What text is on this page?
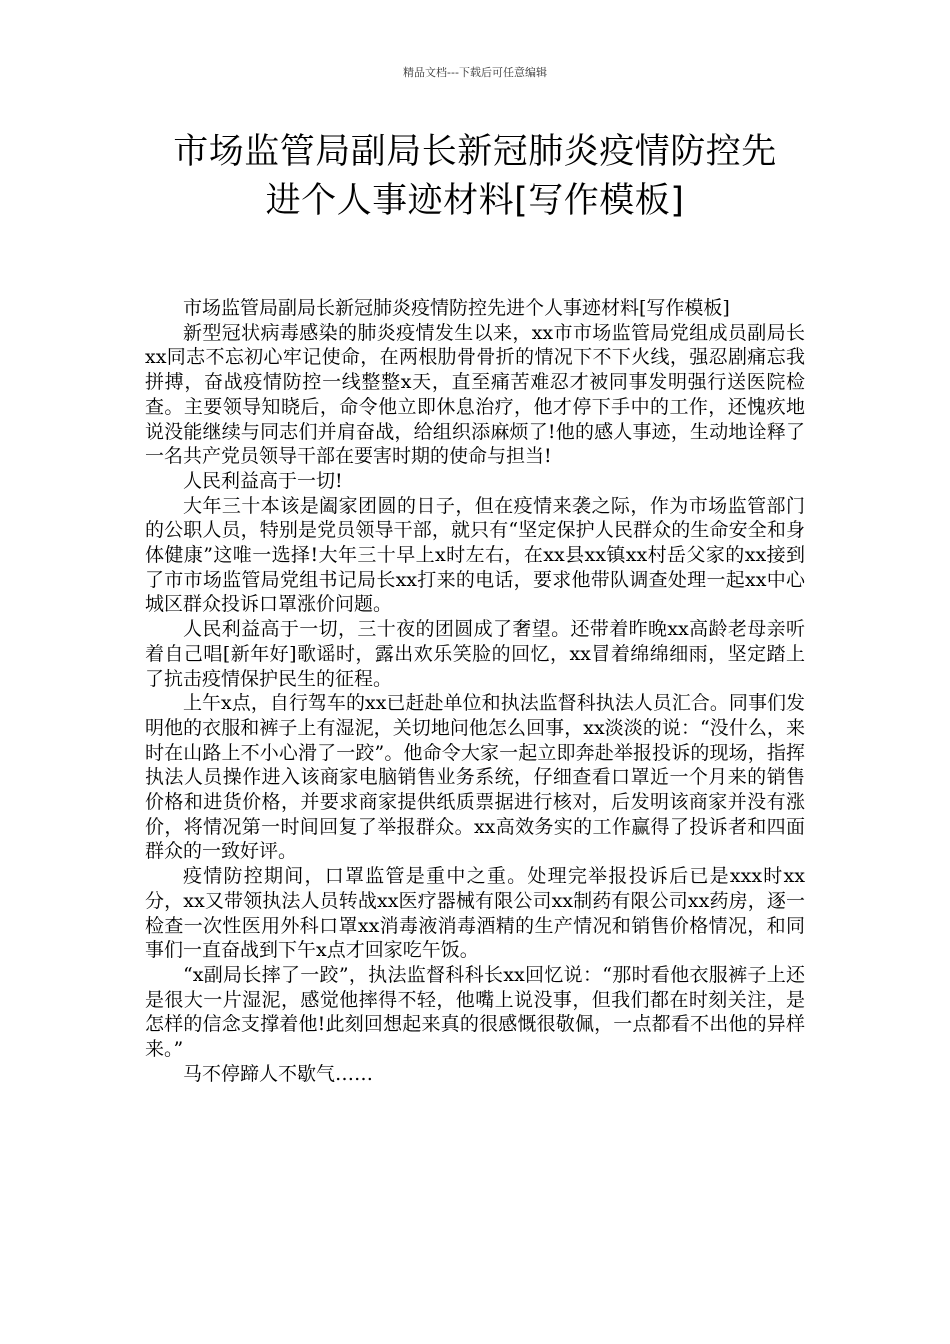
精品文档---下载后可任意编辑
市场监管局副局长新冠肺炎疫情防控先
进个人事迹材料[写作模板]

市场监管局副局长新冠肺炎疫情防控先进个人事迹材料[写作模板]

新型冠状病毒感染的肺炎疫情发生以来，xx市市场监管局党组成员副局长xx同志不忘初心牢记使命，在两根肋骨骨折的情况下不下火线，强忍剧痛忘我拼搏，奋战疫情防控一线整整x天，直至痛苦难忍才被同事发明强行送医院检查。主要领导知晓后，命令他立即休息治疗，他才停下手中的工作，还愧疚地说没能继续与同志们并肩奋战，给组织添麻烦了!他的感人事迹，生动地诠释了一名共产党员领导干部在要害时期的使命与担当!

人民利益高于一切!

大年三十本该是阖家团圆的日子，但在疫情来袭之际，作为市场监管部门的公职人员，特别是党员领导干部，就只有“坚定保护人民群众的生命安全和身体健康”这唯一选择!大年三十早上x时左右，在xx县xx镇xx村岳父家的xx接到了市市场监管局党组书记局长xx打来的电话，要求他带队调查处理一起xx中心城区群众投诉口罩涨价问题。

人民利益高于一切，三十夜的团圆成了奢望。还带着昨晚xx高龄老母亲听着自己唱[新年好]歌谣时，露出欢乐笑脸的回忆，xx冒着绵绵细雨，坚定踏上了抗击疫情保护民生的征程。

上午x点，自行驾车的xx已赶赴单位和执法监督科执法人员汇合。同事们发明他的衣服和裤子上有湿泥，关切地问他怎么回事，xx淡淡的说：“没什么，来时在山路上不小心滑了一跤”。他命令大家一起立即奔赴举报投诉的现场，指挥执法人员操作进入该商家电脑销售业务系统，仔细查看口罩近一个月来的销售价格和进货价格，并要求商家提供纸质票据进行核对，后发明该商家并没有涨价，将情况第一时间回复了举报群众。xx高效务实的工作赢得了投诉者和四面群众的一致好评。

疫情防控期间，口罩监管是重中之重。处理完举报投诉后已是xxx时xx分，xx又带领执法人员转战xx医疗器械有限公司xx制药有限公司xx药房，逐一检查一次性医用外科口罩xx消毒液消毒酒精的生产情况和销售价格情况，和同事们一直奋战到下午x点才回家吃午饭。

“x副局长摔了一跤”，执法监督科科长xx回忆说：“那时看他衣服裤子上还是很大一片湿泥，感觉他摔得不轻，他嘴上说没事，但我们都在时刻关注，是怎样的信念支撑着他!此刻回想起来真的很感慨很敬佩，一点都看不出他的异样来。”

马不停蹄人不歇气……
